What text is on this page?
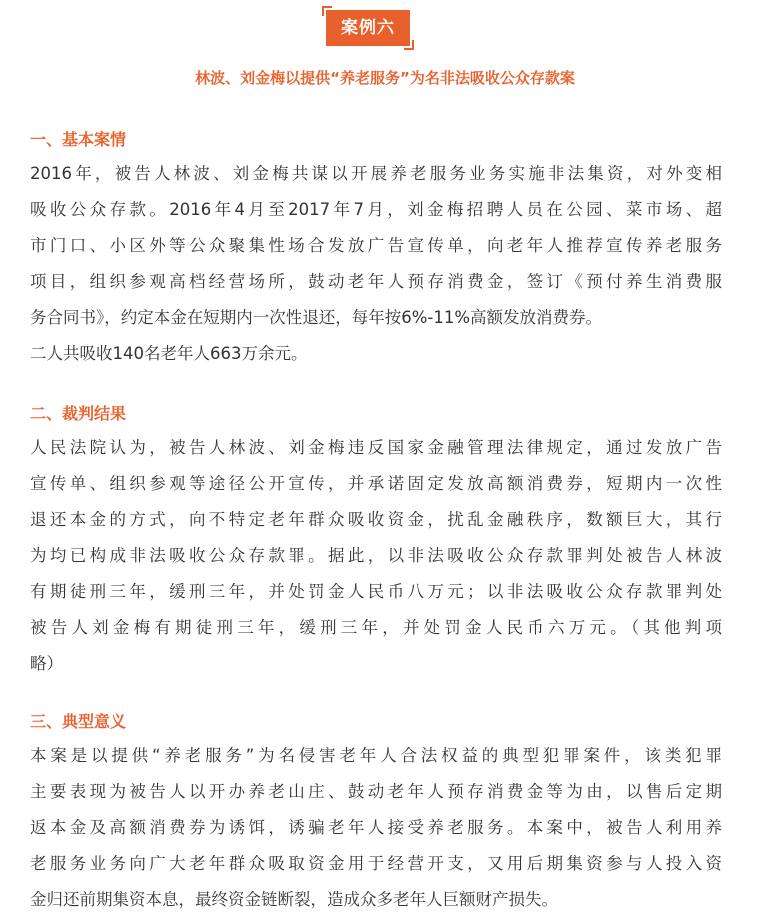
案例六
林波、刘金梅以提供“养老服务”为名非法吸收公众存款案
一、基本案情
2016年，被告人林波、刘金梅共谋以开展养老服务业务实施非法集资，对外变相
吸收公众存款。2016年4月至2017年7月，刘金梅招聘人员在公园、菜市场、超
市门口、小区外等公众聚集性场合发放广告宣传单，向老年人推荐宣传养老服务
项目，组织参观高档经营场所，鼓动老年人预存消费金，签订《预付养生消费服
务合同书》，约定本金在短期内一次性退还，每年按6%-11%高额发放消费券。
二人共吸收140名老年人663万余元。
二、裁判结果
人民法院认为，被告人林波、刘金梅违反国家金融管理法律规定，通过发放广告
宣传单、组织参观等途径公开宣传，并承诺固定发放高额消费券，短期内一次性
退还本金的方式，向不特定老年群众吸收资金，扰乱金融秩序，数额巨大，其行
为均已构成非法吸收公众存款罪。据此，以非法吸收公众存款罪判处被告人林波
有期徒刑三年，缓刑三年，并处罚金人民币八万元；以非法吸收公众存款罪判处
被告人刘金梅有期徒刑三年，缓刑三年，并处罚金人民币六万元。（其他判项
略）
三、典型意义
本案是以提供“养老服务”为名侵害老年人合法权益的典型犯罪案件，该类犯罪
主要表现为被告人以开办养老山庄、鼓动老年人预存消费金等为由，以售后定期
返本金及高额消费券为诱饵，诱骗老年人接受养老服务。本案中，被告人利用养
老服务业务向广大老年群众吸取资金用于经营开支，又用后期集资参与人投入资
金归还前期集资本息，最终资金链断裂，造成众多老年人巨额财产损失。
